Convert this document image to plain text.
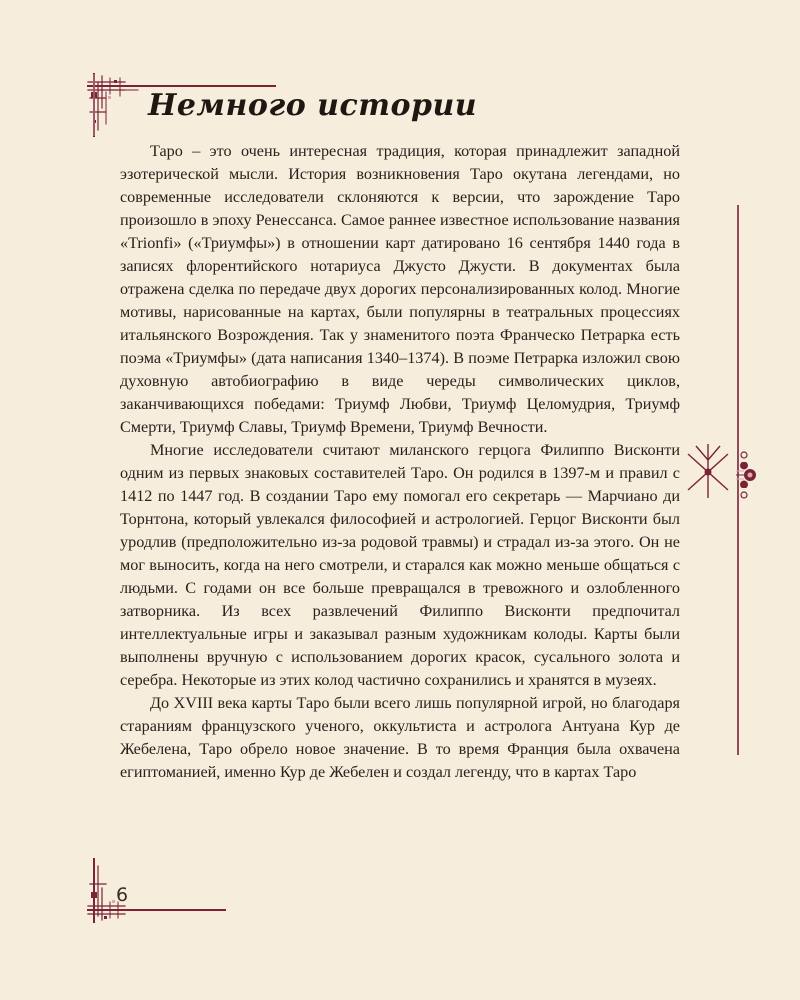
Немного истории

Таро – это очень интересная традиция, которая принадлежит западной эзотерической мысли. История возникновения Таро окутана легендами, но современные исследователи склоняются к версии, что зарождение Таро произошло в эпоху Ренессанса. Самое раннее известное использование названия «Trionfi» («Триумфы») в отношении карт датировано 16 сентября 1440 года в записях флорентийского нотариуса Джусто Джусти. В документах была отражена сделка по передаче двух дорогих персонализированных колод. Многие мотивы, нарисованные на картах, были популярны в театральных процессиях итальянского Возрождения. Так у знаменитого поэта Франческо Петрарка есть поэма «Триумфы» (дата написания 1340–1374). В поэме Петрарка изложил свою духовную автобиографию в виде череды символических циклов, заканчивающихся победами: Триумф Любви, Триумф Целомудрия, Триумф Смерти, Триумф Славы, Триумф Времени, Триумф Вечности.

Многие исследователи считают миланского герцога Филиппо Висконти одним из первых знаковых составителей Таро. Он родился в 1397-м и правил с 1412 по 1447 год. В создании Таро ему помогал его секретарь — Марчиано ди Торнтона, который увлекался философией и астрологией. Герцог Висконти был уродлив (предположительно из-за родовой травмы) и страдал из-за этого. Он не мог выносить, когда на него смотрели, и старался как можно меньше общаться с людьми. С годами он все больше превращался в тревожного и озлобленного затворника. Из всех развлечений Филиппо Висконти предпочитал интеллектуальные игры и заказывал разным художникам колоды. Карты были выполнены вручную с использованием дорогих красок, сусального золота и серебра. Некоторые из этих колод частично сохранились и хранятся в музеях.

До XVIII века карты Таро были всего лишь популярной игрой, но благодаря стараниям французского ученого, оккультиста и астролога Антуана Кур де Жебелена, Таро обрело новое значение. В то время Франция была охвачена египтоманией, именно Кур де Жебелен и создал легенду, что в картах Таро

6
